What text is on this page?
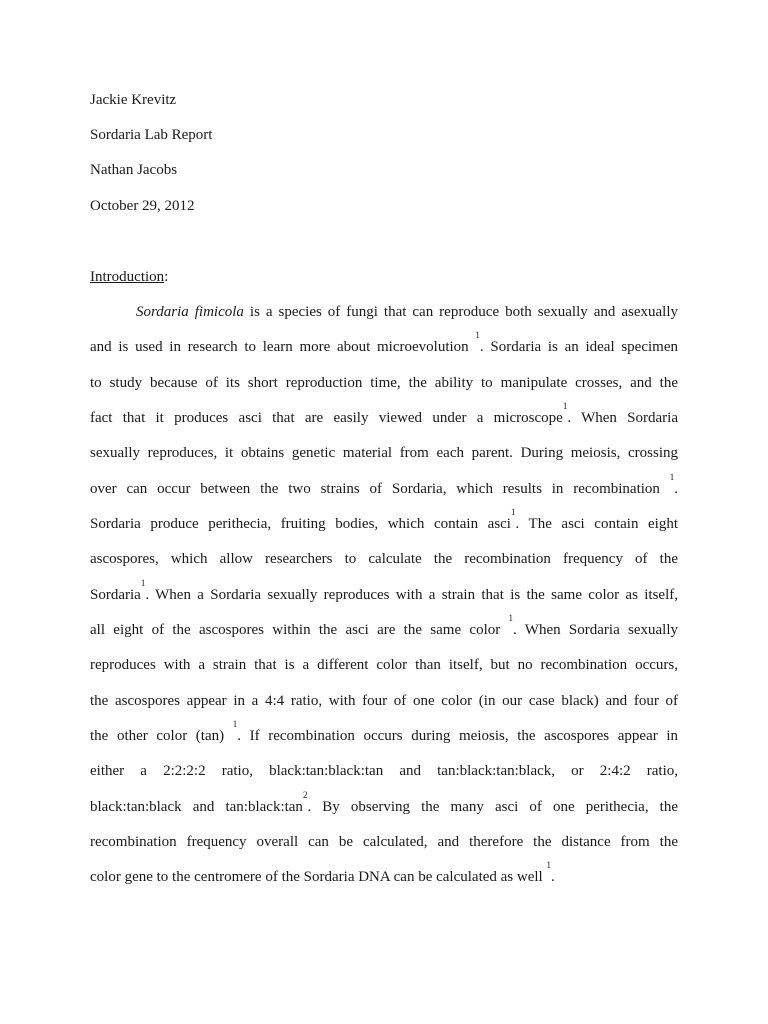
Jackie Krevitz
Sordaria Lab Report
Nathan Jacobs
October 29, 2012
Introduction:
Sordaria fimicola is a species of fungi that can reproduce both sexually and asexually
and is used in research to learn more about microevolution $^1$. Sordaria is an ideal specimen
to study because of its short reproduction time, the ability to manipulate crosses, and the
fact that it produces asci that are easily viewed under a microscope$^1$. When Sordaria
sexually reproduces, it obtains genetic material from each parent. During meiosis, crossing
over can occur between the two strains of Sordaria, which results in recombination $^1$.
Sordaria produce perithecia, fruiting bodies, which contain asci$^1$. The asci contain eight
ascospores, which allow researchers to calculate the recombination frequency of the
Sordaria$^1$. When a Sordaria sexually reproduces with a strain that is the same color as itself,
all eight of the ascospores within the asci are the same color $^1$. When Sordaria sexually
reproduces with a strain that is a different color than itself, but no recombination occurs,
the ascospores appear in a 4:4 ratio, with four of one color (in our case black) and four of
the other color (tan) $^1$. If recombination occurs during meiosis, the ascospores appear in
either a 2:2:2:2 ratio, black:tan:black:tan and tan:black:tan:black, or 2:4:2 ratio,
black:tan:black and $\tan:black:\tan^2$. By observing the many asci of one perithecia, the
recombination frequency overall can be calculated, and therefore the distance from the
color gene to the centromere of the Sordaria DNA can be calculated as well $^1$.
